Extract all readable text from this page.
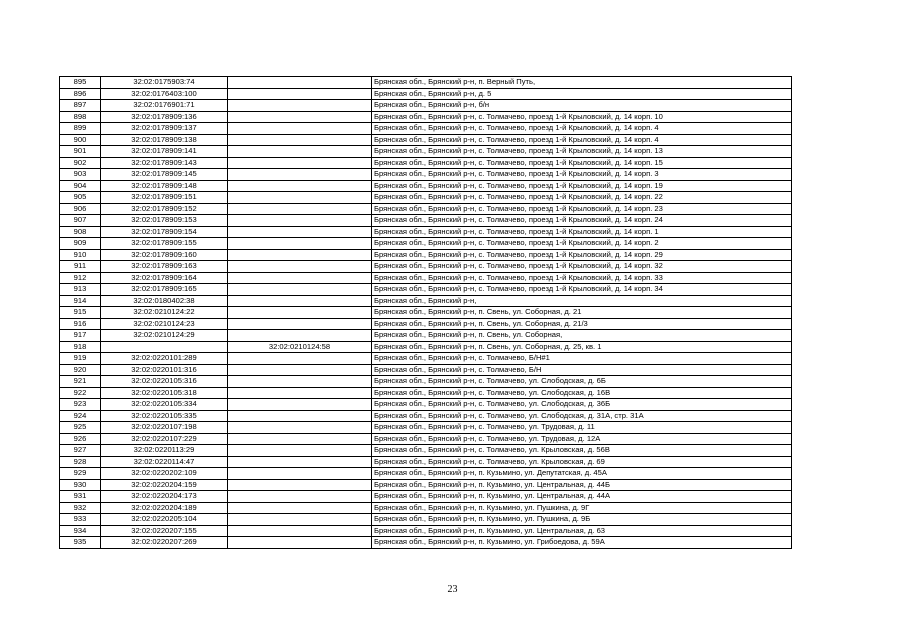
895	32:02:0175903:74		Брянская обл., Брянский р-н, п. Верный Путь,
896	32:02:0176403:100		Брянская обл., Брянский р-н, д. 5
897	32:02:0176901:71		Брянская обл., Брянский р-н, б/н
898	32:02:0178909:136		Брянская обл., Брянский р-н, с. Толмачево, проезд 1-й Крыловский, д. 14 корп. 10
899	32:02:0178909:137		Брянская обл., Брянский р-н, с. Толмачево, проезд 1-й Крыловский, д. 14 корп. 4
900	32:02:0178909:138		Брянская обл., Брянский р-н, с. Толмачево, проезд 1-й Крыловский, д. 14 корп. 4
901	32:02:0178909:141		Брянская обл., Брянский р-н, с. Толмачево, проезд 1-й Крыловский, д. 14 корп. 13
902	32:02:0178909:143		Брянская обл., Брянский р-н, с. Толмачево, проезд 1-й Крыловский, д. 14 корп. 15
903	32:02:0178909:145		Брянская обл., Брянский р-н, с. Толмачево, проезд 1-й Крыловский, д. 14 корп. 3
904	32:02:0178909:148		Брянская обл., Брянский р-н, с. Толмачево, проезд 1-й Крыловский, д. 14 корп. 19
905	32:02:0178909:151		Брянская обл., Брянский р-н, с. Толмачево, проезд 1-й Крыловский, д. 14 корп. 22
906	32:02:0178909:152		Брянская обл., Брянский р-н, с. Толмачево, проезд 1-й Крыловский, д. 14 корп. 23
907	32:02:0178909:153		Брянская обл., Брянский р-н, с. Толмачево, проезд 1-й Крыловский, д. 14 корп. 24
908	32:02:0178909:154		Брянская обл., Брянский р-н, с. Толмачево, проезд 1-й Крыловский, д. 14 корп. 1
909	32:02:0178909:155		Брянская обл., Брянский р-н, с. Толмачево, проезд 1-й Крыловский, д. 14 корп. 2
910	32:02:0178909:160		Брянская обл., Брянский р-н, с. Толмачево, проезд 1-й Крыловский, д. 14 корп. 29
911	32:02:0178909:163		Брянская обл., Брянский р-н, с. Толмачево, проезд 1-й Крыловский, д. 14 корп. 32
912	32:02:0178909:164		Брянская обл., Брянский р-н, с. Толмачево, проезд 1-й Крыловский, д. 14 корп. 33
913	32:02:0178909:165		Брянская обл., Брянский р-н, с. Толмачево, проезд 1-й Крыловский, д. 14 корп. 34
914	32:02:0180402:38		Брянская обл., Брянский р-н,
915	32:02:0210124:22		Брянская обл., Брянский р-н, п. Свень, ул. Соборная, д. 21
916	32:02:0210124:23		Брянская обл., Брянский р-н, п. Свень, ул. Соборная, д. 21/3
917	32:02:0210124:29		Брянская обл., Брянский р-н, п. Свень, ул. Соборная,
918		32:02:0210124:58	Брянская обл., Брянский р-н, п. Свень, ул. Соборная, д. 25, кв. 1
919	32:02:0220101:289		Брянская обл., Брянский р-н, с. Толмачево, Б/Н#1
920	32:02:0220101:316		Брянская обл., Брянский р-н, с. Толмачево, Б/Н
921	32:02:0220105:316		Брянская обл., Брянский р-н, с. Толмачево, ул. Слободская, д. 6Б
922	32:02:0220105:318		Брянская обл., Брянский р-н, с. Толмачево, ул. Слободская, д. 16В
923	32:02:0220105:334		Брянская обл., Брянский р-н, с. Толмачево, ул. Слободская, д. 36Б
924	32:02:0220105:335		Брянская обл., Брянский р-н, с. Толмачево, ул. Слободская, д. 31А, стр. 31А
925	32:02:0220107:198		Брянская обл., Брянский р-н, с. Толмачево, ул. Трудовая, д. 11
926	32:02:0220107:229		Брянская обл., Брянский р-н, с. Толмачево, ул. Трудовая, д. 12А
927	32:02:0220113:29		Брянская обл., Брянский р-н, с. Толмачево, ул. Крыловская, д. 56В
928	32:02:0220114:47		Брянская обл., Брянский р-н, с. Толмачево, ул. Крыловская, д. 69
929	32:02:0220202:109		Брянская обл., Брянский р-н, п. Кузьмино, ул. Депутатская, д. 45А
930	32:02:0220204:159		Брянская обл., Брянский р-н, п. Кузьмино, ул. Центральная, д. 44Б
931	32:02:0220204:173		Брянская обл., Брянский р-н, п. Кузьмино, ул. Центральная, д. 44А
932	32:02:0220204:189		Брянская обл., Брянский р-н, п. Кузьмино, ул. Пушкина, д. 9Г
933	32:02:0220205:104		Брянская обл., Брянский р-н, п. Кузьмино, ул. Пушкина, д. 9Б
934	32:02:0220207:155		Брянская обл., Брянский р-н, п. Кузьмино, ул. Центральная, д. 63
935	32:02:0220207:269		Брянская обл., Брянский р-н, п. Кузьмино, ул. Грибоедова, д. 59А
23
